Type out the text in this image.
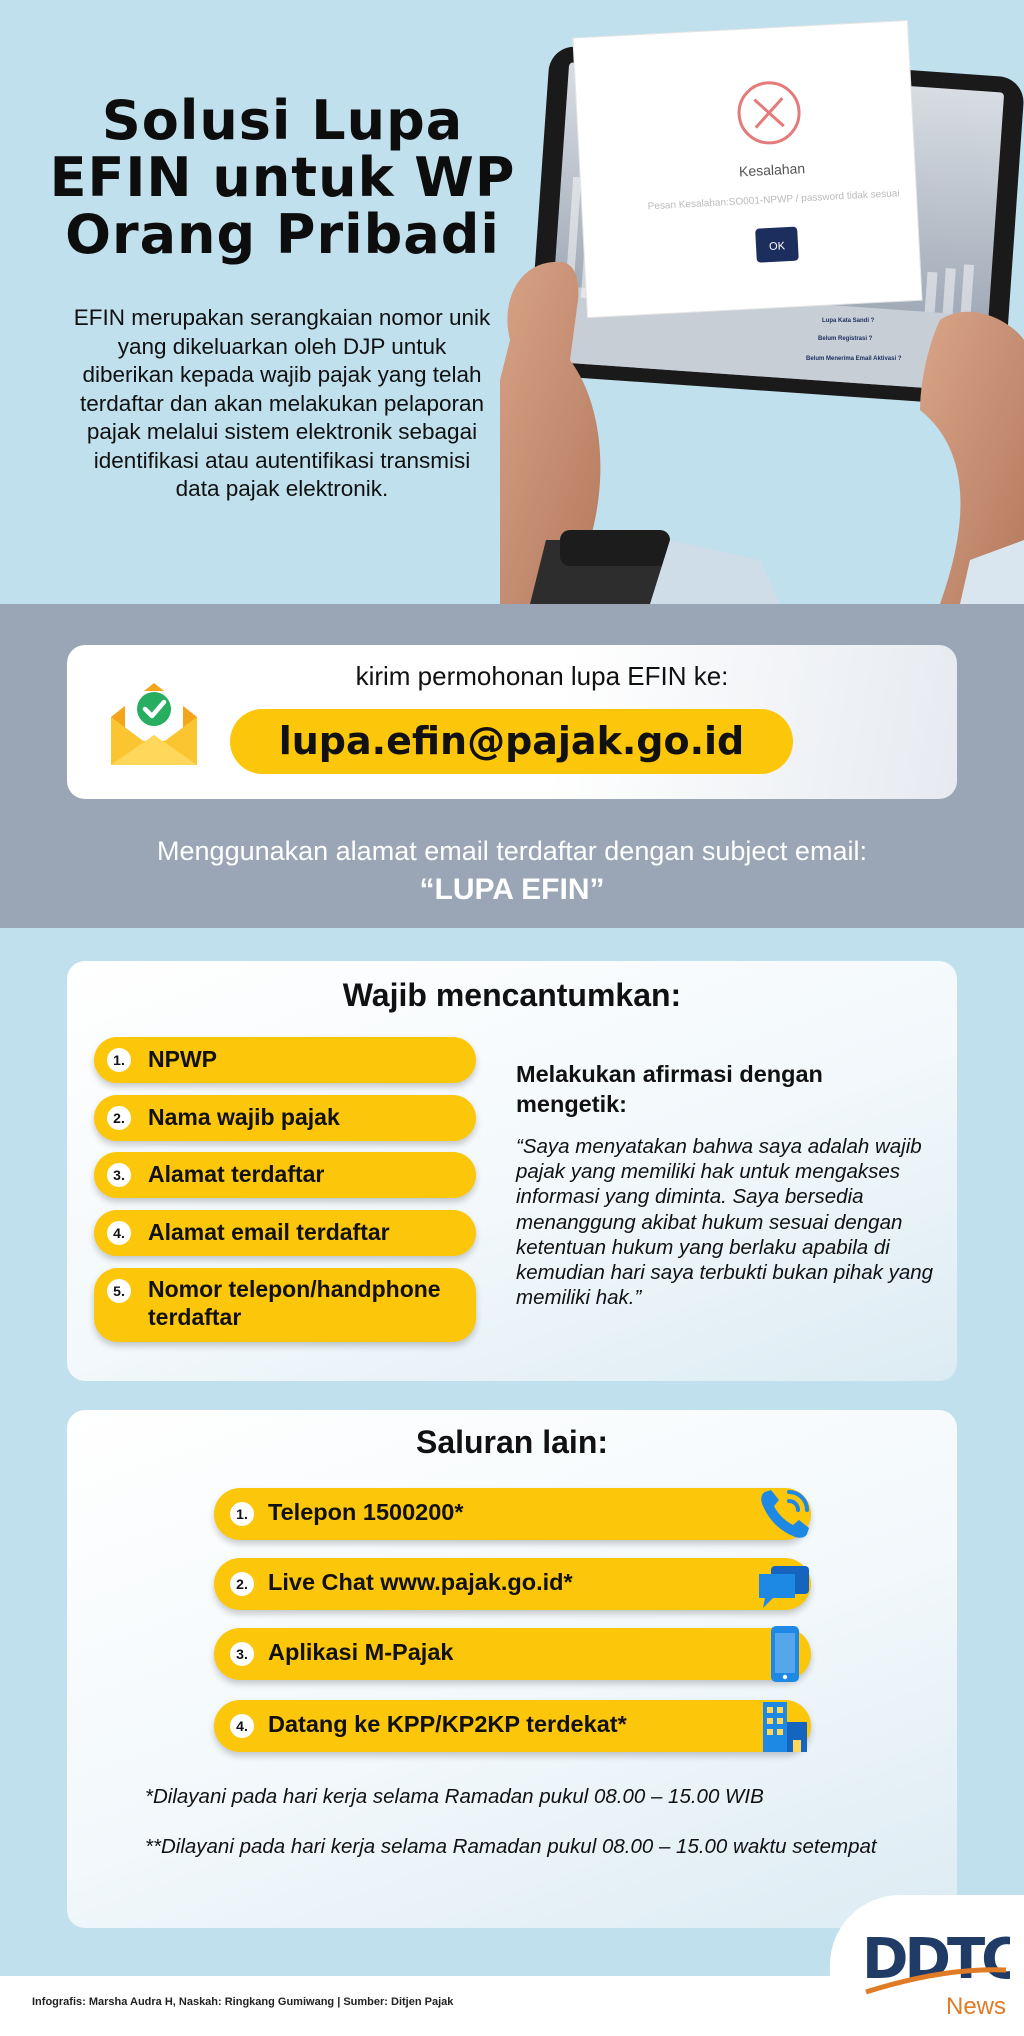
Solusi Lupa
EFIN untuk WP
Orang Pribadi

EFIN merupakan serangkaian nomor unik yang dikeluarkan oleh DJP untuk diberikan kepada wajib pajak yang telah terdaftar dan akan melakukan pelaporan pajak melalui sistem elektronik sebagai identifikasi atau autentifikasi transmisi data pajak elektronik.

Kesalahan
Pesan Kesalahan:SO001-NPWP / password tidak sesuai
OK
Lupa Kata Sandi ?
Belum Registrasi ?
Belum Menerima Email Aktivasi ?
kirim permohonan lupa EFIN ke:
lupa.efin@pajak.go.id
Menggunakan alamat email terdaftar dengan subject email:
“LUPA EFIN”
Wajib mencantumkan:
1. NPWP
2. Nama wajib pajak
3. Alamat terdaftar
4. Alamat email terdaftar
5. Nomor telepon/handphone terdaftar
Melakukan afirmasi dengan mengetik:
“Saya menyatakan bahwa saya adalah wajib pajak yang memiliki hak untuk mengakses informasi yang diminta. Saya bersedia menanggung akibat hukum sesuai dengan ketentuan hukum yang berlaku apabila di kemudian hari saya terbukti bukan pihak yang memiliki hak.”
Saluran lain:
1. Telepon 1500200*
2. Live Chat www.pajak.go.id*
3. Aplikasi M-Pajak
4. Datang ke KPP/KP2KP terdekat*

*Dilayani pada hari kerja selama Ramadan pukul 08.00 – 15.00 WIB

**Dilayani pada hari kerja selama Ramadan pukul 08.00 – 15.00 waktu setempat

Infografis: Marsha Audra H, Naskah: Ringkang Gumiwang | Sumber: Ditjen Pajak
DDTC
News
